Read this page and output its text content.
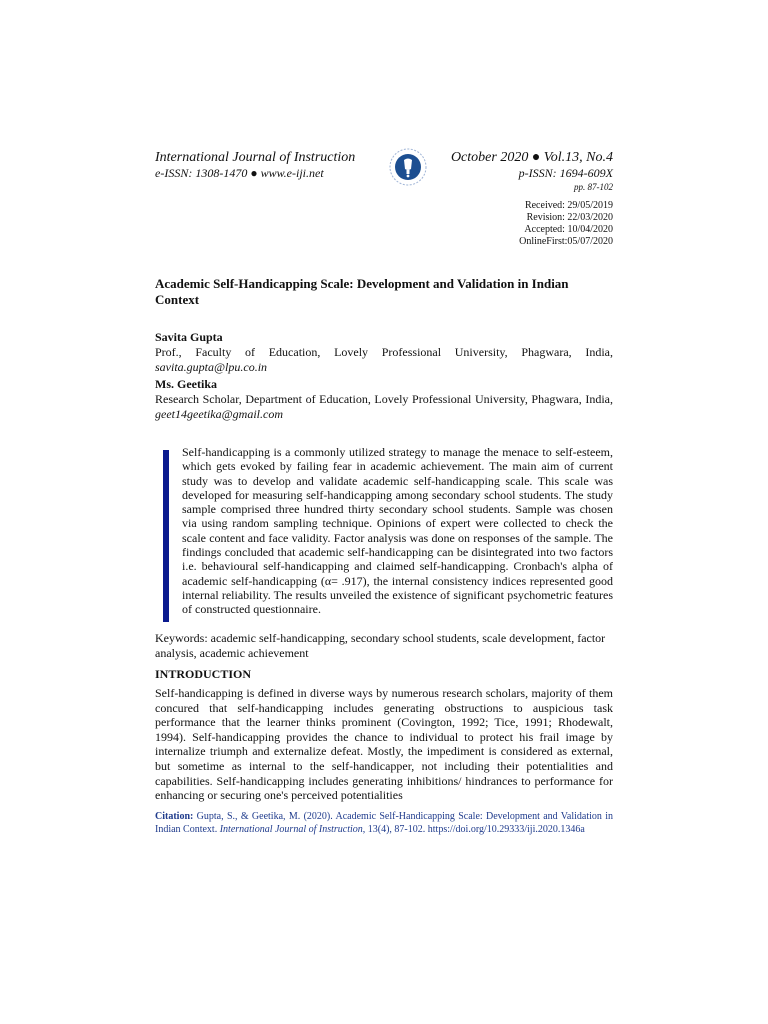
International Journal of Instruction
e-ISSN: 1308-1470 ● www.e-iji.net
October 2020 ● Vol.13, No.4
p-ISSN: 1694-609X
pp. 87-102
Received: 29/05/2019
Revision: 22/03/2020
Accepted: 10/04/2020
OnlineFirst:05/07/2020
Academic Self-Handicapping Scale: Development and Validation in Indian Context
Savita Gupta
Prof., Faculty of Education, Lovely Professional University, Phagwara, India, savita.gupta@lpu.co.in
Ms. Geetika
Research Scholar, Department of Education, Lovely Professional University, Phagwara, India, geet14geetika@gmail.com
Self-handicapping is a commonly utilized strategy to manage the menace to self-esteem, which gets evoked by failing fear in academic achievement. The main aim of current study was to develop and validate academic self-handicapping scale. This scale was developed for measuring self-handicapping among secondary school students. The study sample comprised three hundred thirty secondary school students. Sample was chosen via using random sampling technique. Opinions of expert were collected to check the scale content and face validity. Factor analysis was done on responses of the sample. The findings concluded that academic self-handicapping can be disintegrated into two factors i.e. behavioural self-handicapping and claimed self-handicapping. Cronbach's alpha of academic self-handicapping (α= .917), the internal consistency indices represented good internal reliability. The results unveiled the existence of significant psychometric features of constructed questionnaire.
Keywords: academic self-handicapping, secondary school students, scale development, factor analysis, academic achievement
INTRODUCTION
Self-handicapping is defined in diverse ways by numerous research scholars, majority of them concured that self-handicapping includes generating obstructions to auspicious task performance that the learner thinks prominent (Covington, 1992; Tice, 1991; Rhodewalt, 1994). Self-handicapping provides the chance to individual to protect his frail image by internalize triumph and externalize defeat. Mostly, the impediment is considered as external, but sometime as internal to the self-handicapper, not including their potentialities and capabilities. Self-handicapping includes generating inhibitions/ hindrances to performance for enhancing or securing one's perceived potentialities
Citation: Gupta, S., & Geetika, M. (2020). Academic Self-Handicapping Scale: Development and Validation in Indian Context. International Journal of Instruction, 13(4), 87-102. https://doi.org/10.29333/iji.2020.1346a
